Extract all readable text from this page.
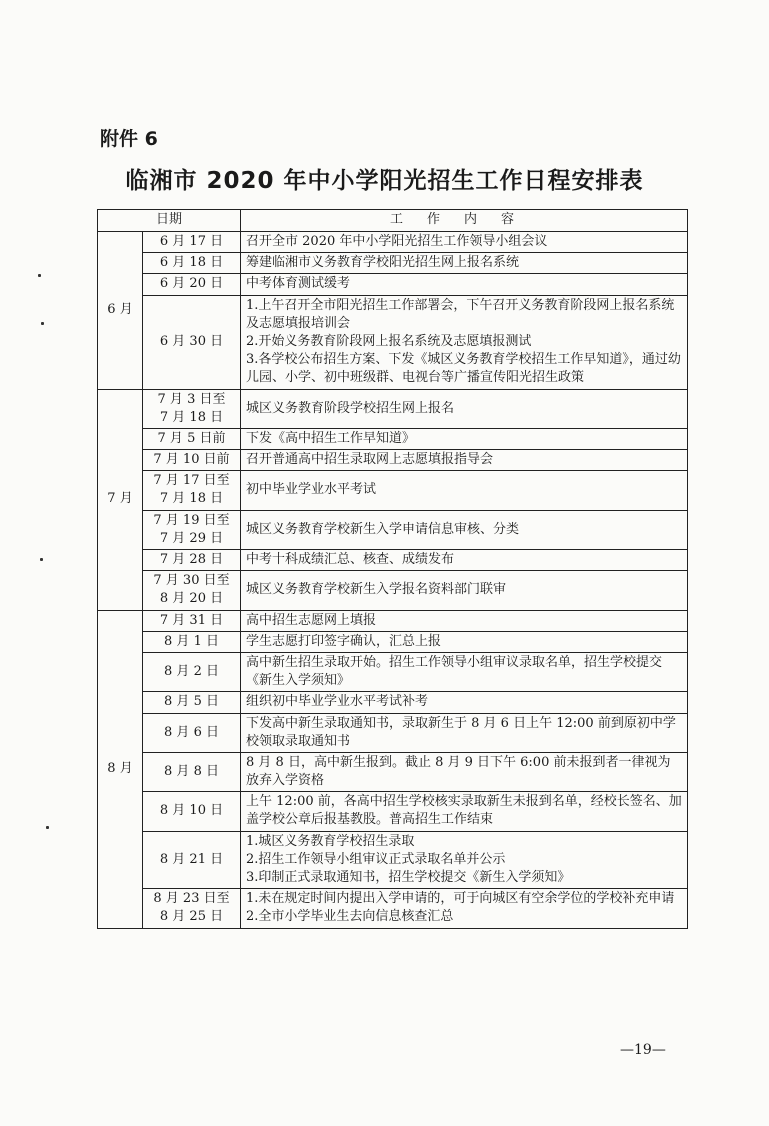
附件 6
临湘市 2020 年中小学阳光招生工作日程安排表
日期		工作内容
6 月	6 月 17 日	召开全市 2020 年中小学阳光招生工作领导小组会议

	6 月 18 日	筹建临湘市义务教育学校阳光招生网上报名系统

	6 月 20 日	中考体育测试缓考

	6 月 30 日	1.上午召开全市阳光招生工作部署会，下午召开义务教育阶段网上报名系统及志愿填报培训会
2.开始义务教育阶段网上报名系统及志愿填报测试
3.各学校公布招生方案、下发《城区义务教育学校招生工作早知道》，通过幼儿园、小学、初中班级群、电视台等广播宣传阳光招生政策

7 月	7 月 3 日至
7 月 18 日	城区义务教育阶段学校招生网上报名

	7 月 5 日前	下发《高中招生工作早知道》

	7 月 10 日前	召开普通高中招生录取网上志愿填报指导会

	7 月 17 日至
7 月 18 日	初中毕业学业水平考试

	7 月 19 日至
7 月 29 日	城区义务教育学校新生入学申请信息审核、分类

	7 月 28 日	中考十科成绩汇总、核查、成绩发布

	7 月 30 日至
8 月 20 日	城区义务教育学校新生入学报名资料部门联审

8 月	7 月 31 日	高中招生志愿网上填报

	8 月 1 日	学生志愿打印签字确认，汇总上报

	8 月 2 日	高中新生招生录取开始。招生工作领导小组审议录取名单，招生学校提交《新生入学须知》

	8 月 5 日	组织初中毕业学业水平考试补考

	8 月 6 日	下发高中新生录取通知书，录取新生于 8 月 6 日上午 12:00 前到原初中学校领取录取通知书

	8 月 8 日	8 月 8 日，高中新生报到。截止 8 月 9 日下午 6:00 前未报到者一律视为放弃入学资格

	8 月 10 日	上午 12:00 前，各高中招生学校核实录取新生未报到名单，经校长签名、加盖学校公章后报基教股。普高招生工作结束

	8 月 21 日	1.城区义务教育学校招生录取
2.招生工作领导小组审议正式录取名单并公示
3.印制正式录取通知书，招生学校提交《新生入学须知》

	8 月 23 日至
8 月 25 日	1.未在规定时间内提出入学申请的，可于向城区有空余学位的学校补充申请
2.全市小学毕业生去向信息核查汇总
—19—
